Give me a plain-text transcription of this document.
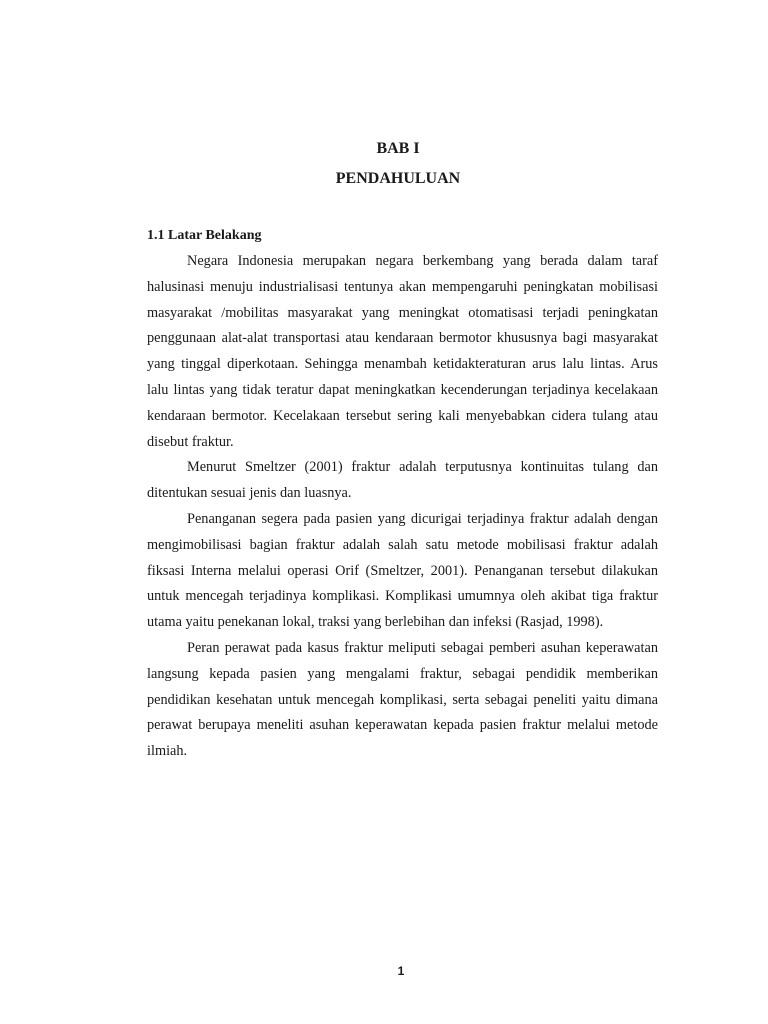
BAB I
PENDAHULUAN
1.1 Latar Belakang

Negara Indonesia merupakan negara berkembang yang berada dalam taraf halusinasi menuju industrialisasi tentunya akan mempengaruhi peningkatan mobilisasi masyarakat /mobilitas masyarakat yang meningkat otomatisasi terjadi peningkatan penggunaan alat-alat transportasi atau kendaraan bermotor khususnya bagi masyarakat yang tinggal diperkotaan. Sehingga menambah ketidakteraturan arus lalu lintas. Arus lalu lintas yang tidak teratur dapat meningkatkan kecenderungan terjadinya kecelakaan kendaraan bermotor. Kecelakaan tersebut sering kali menyebabkan cidera tulang atau disebut fraktur.

Menurut Smeltzer (2001) fraktur adalah terputusnya kontinuitas tulang dan ditentukan sesuai jenis dan luasnya.

Penanganan segera pada pasien yang dicurigai terjadinya fraktur adalah dengan mengimobilisasi bagian fraktur adalah salah satu metode mobilisasi fraktur adalah fiksasi Interna melalui operasi Orif (Smeltzer, 2001). Penanganan tersebut dilakukan untuk mencegah terjadinya komplikasi. Komplikasi umumnya oleh akibat tiga fraktur utama yaitu penekanan lokal, traksi yang berlebihan dan infeksi (Rasjad, 1998).

Peran perawat pada kasus fraktur meliputi sebagai pemberi asuhan keperawatan langsung kepada pasien yang mengalami fraktur, sebagai pendidik memberikan pendidikan kesehatan untuk mencegah komplikasi, serta sebagai peneliti yaitu dimana perawat berupaya meneliti asuhan keperawatan kepada pasien fraktur melalui metode ilmiah.

1
